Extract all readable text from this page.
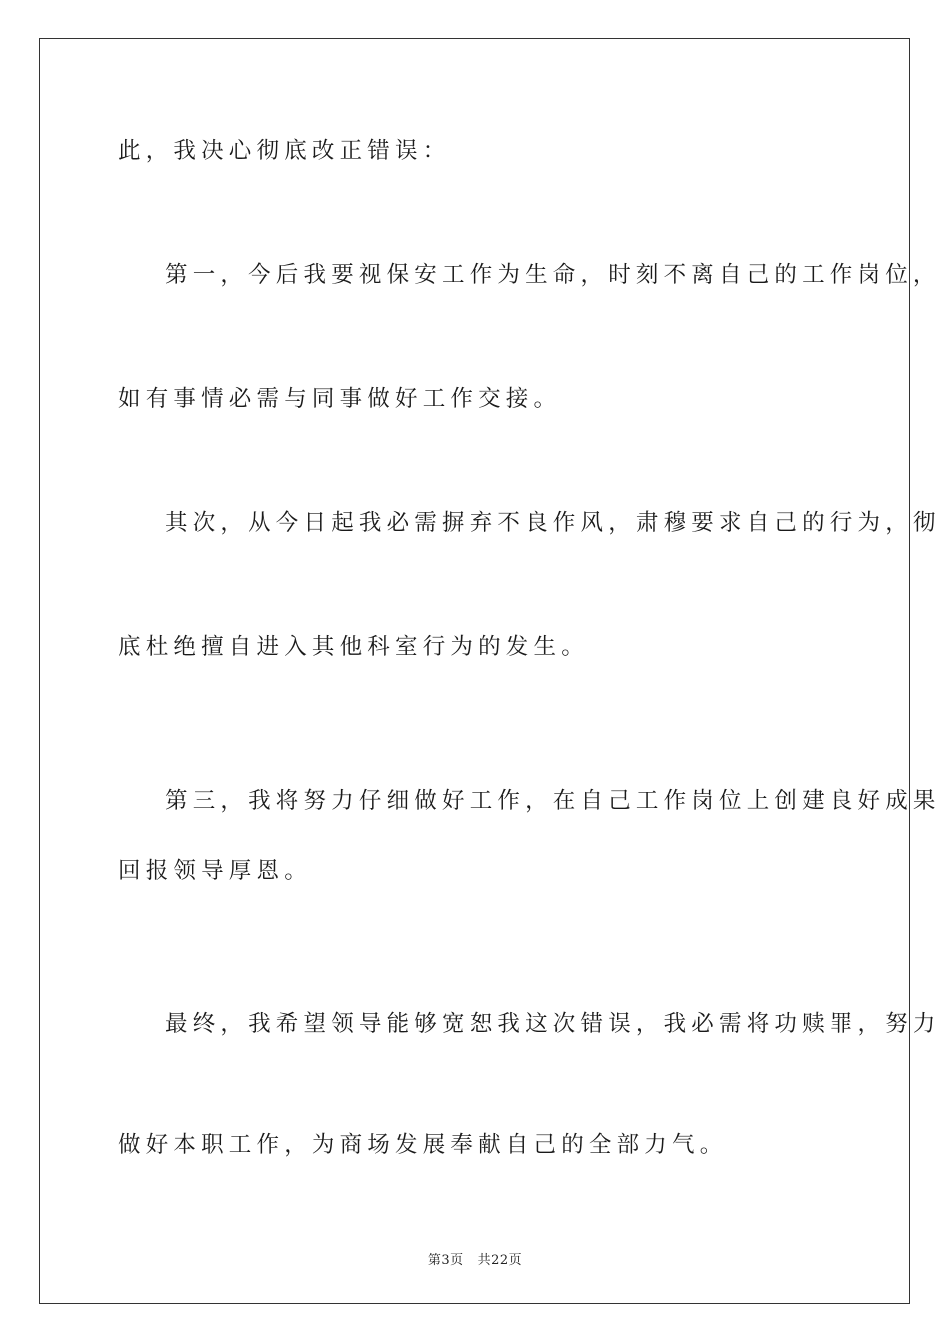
此，我决心彻底改正错误：
第一，今后我要视保安工作为生命，时刻不离自己的工作岗位，
如有事情必需与同事做好工作交接。
其次，从今日起我必需摒弃不良作风，肃穆要求自己的行为，彻
底杜绝擅自进入其他科室行为的发生。
第三，我将努力仔细做好工作，在自己工作岗位上创建良好成果
回报领导厚恩。
最终，我希望领导能够宽恕我这次错误，我必需将功赎罪，努力
做好本职工作，为商场发展奉献自己的全部力气。
第3页 共22页
